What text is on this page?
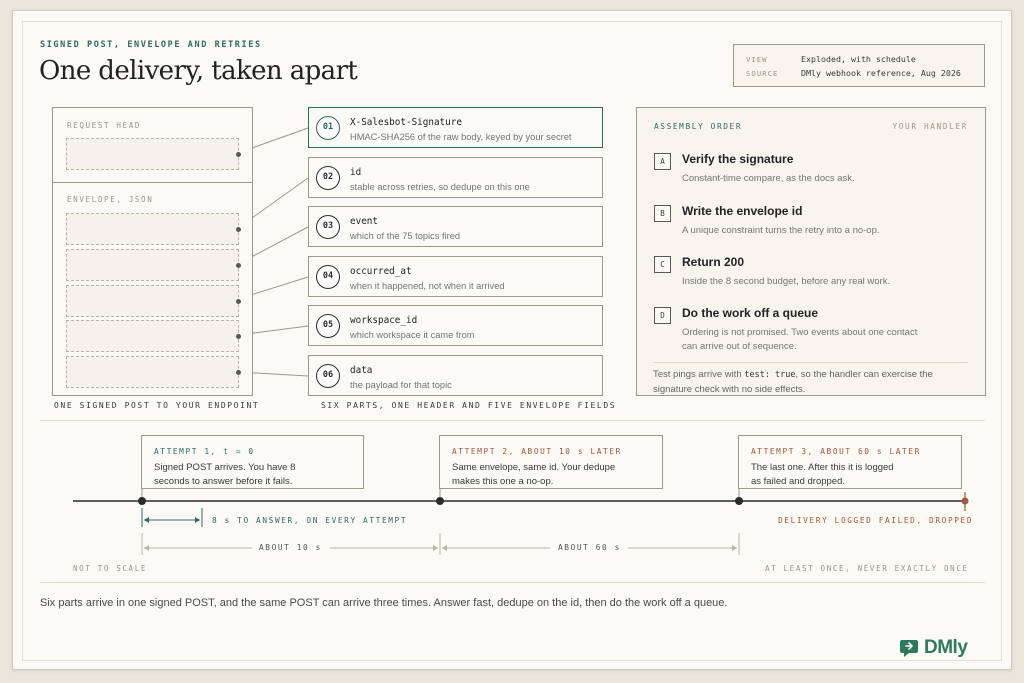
SIGNED POST, ENVELOPE AND RETRIES
One delivery, taken apart	VIEW	Exploded, with schedule
SOURCE	DMly webhook reference, Aug 2026
REQUEST HEAD
ENVELOPE, JSON
ONE SIGNED POST TO YOUR ENDPOINT
01	X-Salesbot-Signature
HMAC-SHA256 of the raw body, keyed by your secret
02	id
stable across retries, so dedupe on this one
03	event
which of the 75 topics fired
04	occurred_at
when it happened, not when it arrived
05	workspace_id
which workspace it came from
06	data
the payload for that topic
SIX PARTS, ONE HEADER AND FIVE ENVELOPE FIELDS
ASSEMBLY ORDER	YOUR HANDLER
A	Verify the signature
Constant-time compare, as the docs ask.
B	Write the envelope id
A unique constraint turns the retry into a no-op.
C	Return 200
Inside the 8 second budget, before any real work.
D	Do the work off a queue
Ordering is not promised. Two events about one contact can arrive out of sequence.
Test pings arrive with test: true, so the handler can exercise the signature check with no side effects.
ATTEMPT 1, t = 0
Signed POST arrives. You have 8
seconds to answer before it fails.
ATTEMPT 2, ABOUT 10 s LATER
Same envelope, same id. Your dedupe
makes this one a no-op.
ATTEMPT 3, ABOUT 60 s LATER
The last one. After this it is logged
as failed and dropped.
8 s TO ANSWER, ON EVERY ATTEMPT	DELIVERY LOGGED FAILED, DROPPED
ABOUT 10 s	ABOUT 60 s
NOT TO SCALE	AT LEAST ONCE, NEVER EXACTLY ONCE
Six parts arrive in one signed POST, and the same POST can arrive three times. Answer fast, dedupe on the id, then do the work off a queue.
DMly
